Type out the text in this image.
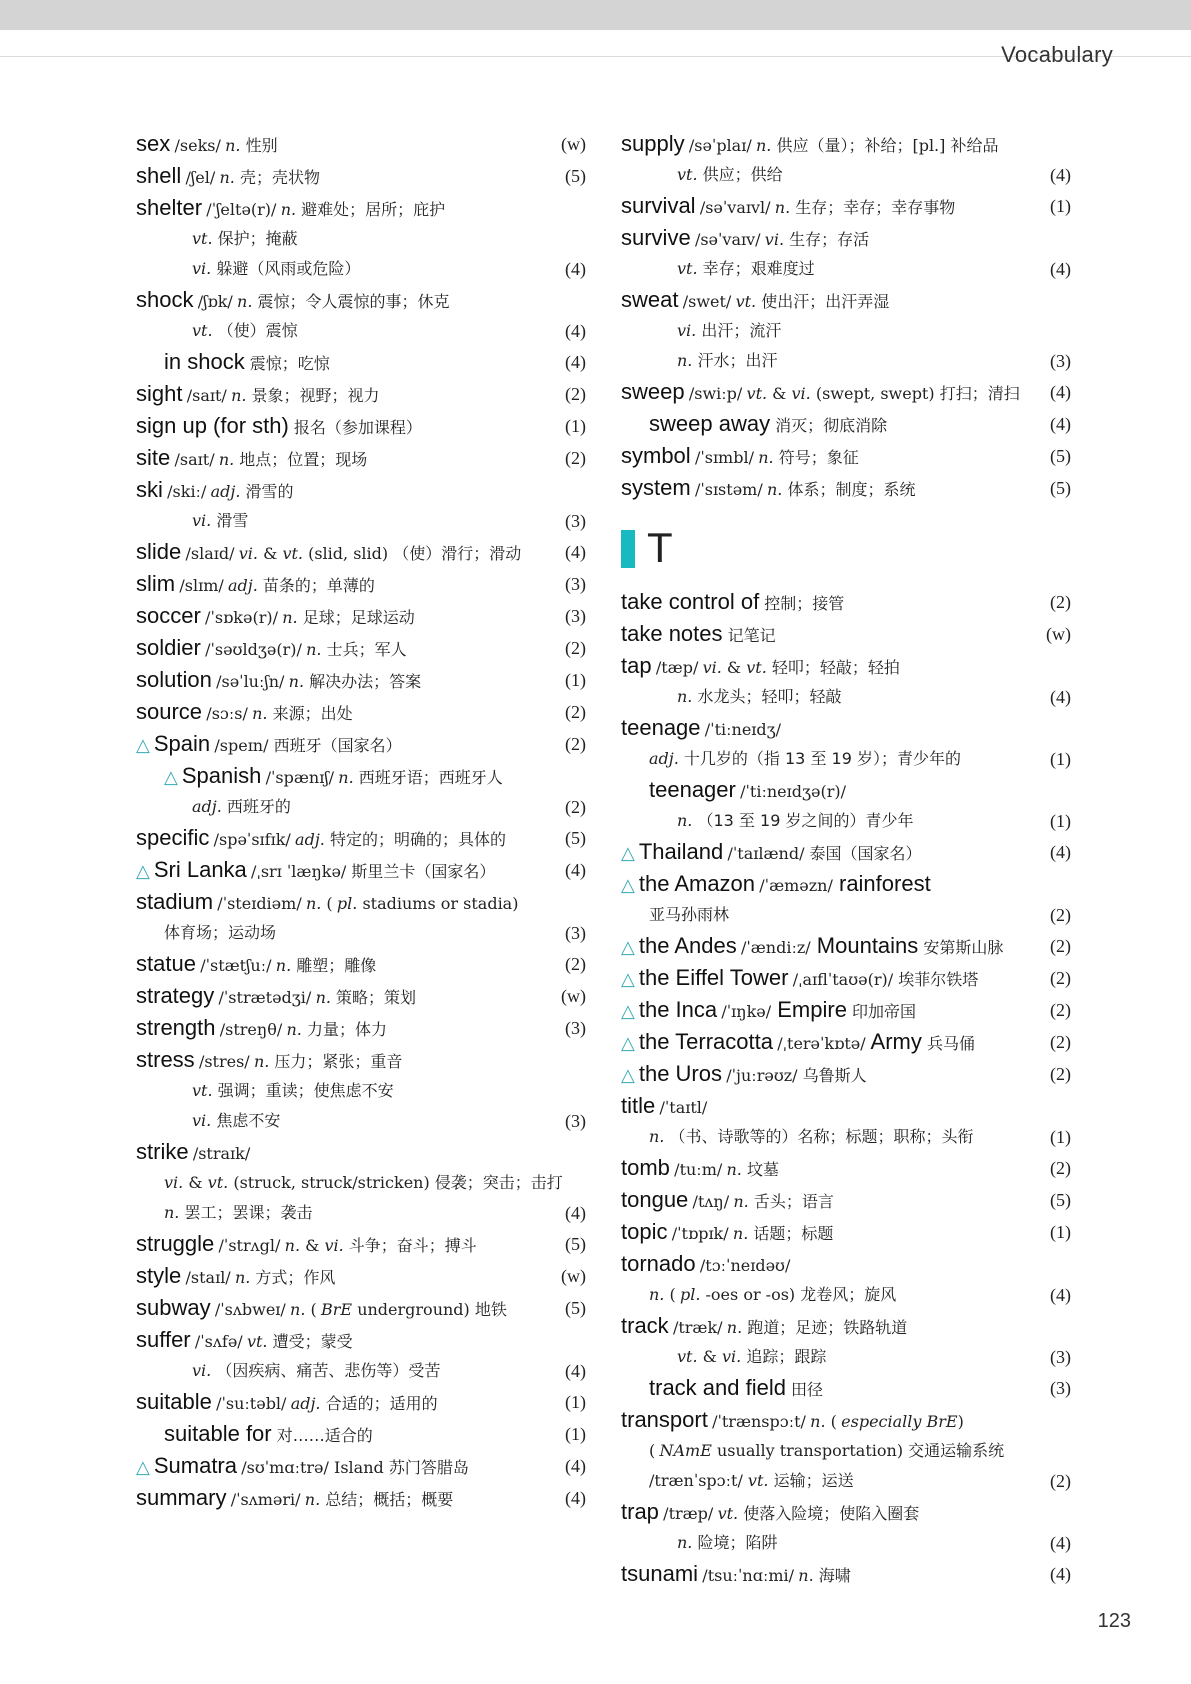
Vocabulary
sex /seks/ n. 性别	(w)
shell /ʃel/ n. 壳；壳状物	(5)
shelter /ˈʃeltə(r)/ n. 避难处；居所；庇护
vt. 保护；掩蔽
vi. 躲避（风雨或危险）	(4)
shock /ʃɒk/ n. 震惊；令人震惊的事；休克
vt. （使）震惊	(4)
in shock 震惊；吃惊	(4)
sight /saɪt/ n. 景象；视野；视力	(2)
sign up (for sth) 报名（参加课程）	(1)
site /saɪt/ n. 地点；位置；现场	(2)
ski /skiː/ adj. 滑雪的
vi. 滑雪	(3)
slide /slaɪd/ vi. & vt. (slid, slid) （使）滑行；滑动 (4)
slim /slɪm/ adj. 苗条的；单薄的	(3)
soccer /ˈsɒkə(r)/ n. 足球；足球运动	(3)
soldier /ˈsəʊldʒə(r)/ n. 士兵；军人	(2)
solution /səˈluːʃn/ n. 解决办法；答案	(1)
source /sɔːs/ n. 来源；出处	(2)
△ Spain /speɪn/ 西班牙（国家名）	(2)
△ Spanish /ˈspænɪʃ/ n. 西班牙语；西班牙人
adj. 西班牙的	(2)
specific /spəˈsɪfɪk/ adj. 特定的；明确的；具体的	(5)
△ Sri Lanka /ˌsrɪ ˈlæŋkə/ 斯里兰卡（国家名）	(4)
stadium /ˈsteɪdiəm/ n. ( pl. stadiums or stadia)
体育场；运动场	(3)
statue /ˈstætʃuː/ n. 雕塑；雕像	(2)
strategy /ˈstrætədʒi/ n. 策略；策划	(w)
strength /streŋθ/ n. 力量；体力	(3)
stress /stres/ n. 压力；紧张；重音
vt. 强调；重读；使焦虑不安
vi. 焦虑不安	(3)
strike /straɪk/
vi. & vt. (struck, struck/stricken) 侵袭；突击；击打
n. 罢工；罢课；袭击	(4)
struggle /ˈstrʌgl/ n. & vi. 斗争；奋斗；搏斗	(5)
style /staɪl/ n. 方式；作风	(w)
subway /ˈsʌbweɪ/ n. ( BrE underground) 地铁	(5)
suffer /ˈsʌfə/ vt. 遭受；蒙受
vi. （因疾病、痛苦、悲伤等）受苦	(4)
suitable /ˈsuːtəbl/ adj. 合适的；适用的	(1)
suitable for 对……适合的	(1)
△ Sumatra /sʊˈmɑːtrə/ Island 苏门答腊岛	(4)
summary /ˈsʌməri/ n. 总结；概括；概要	(4)
supply /səˈplaɪ/ n. 供应（量）；补给；[pl.] 补给品
vt. 供应；供给	(4)
survival /səˈvaɪvl/ n. 生存；幸存；幸存事物	(1)
survive /səˈvaɪv/ vi. 生存；存活
vt. 幸存；艰难度过	(4)
sweat /swet/ vt. 使出汗；出汗弄湿
vi. 出汗；流汗
n. 汗水；出汗	(3)
sweep /swiːp/ vt. & vi. (swept, swept) 打扫；清扫 (4)
sweep away 消灭；彻底消除	(4)
symbol /ˈsɪmbl/ n. 符号；象征	(5)
system /ˈsɪstəm/ n. 体系；制度；系统	(5)
T
take control of 控制；接管	(2)
take notes 记笔记	(w)
tap /tæp/ vi. & vt. 轻叩；轻敲；轻拍
n. 水龙头；轻叩；轻敲	(4)
teenage /ˈtiːneɪdʒ/
adj. 十几岁的（指 13 至 19 岁）；青少年的	(1)
teenager /ˈtiːneɪdʒə(r)/
n. （13 至 19 岁之间的）青少年	(1)
△ Thailand /ˈtaɪlænd/ 泰国（国家名）	(4)
△ the Amazon /ˈæməzn/ rainforest
亚马孙雨林	(2)
△ the Andes /ˈændiːz/ Mountains 安第斯山脉	(2)
△ the Eiffel Tower /ˌaɪflˈtaʊə(r)/ 埃菲尔铁塔	(2)
△ the Inca /ˈɪŋkə/ Empire 印加帝国	(2)
△ the Terracotta /ˌterəˈkɒtə/ Army 兵马俑	(2)
△ the Uros /ˈjuːrəʊz/ 乌鲁斯人	(2)
title /ˈtaɪtl/
n. （书、诗歌等的）名称；标题；职称；头衔	(1)
tomb /tuːm/ n. 坟墓	(2)
tongue /tʌŋ/ n. 舌头；语言	(5)
topic /ˈtɒpɪk/ n. 话题；标题	(1)
tornado /tɔːˈneɪdəʊ/
n. ( pl. -oes or -os) 龙卷风；旋风	(4)
track /træk/ n. 跑道；足迹；铁路轨道
vt. & vi. 追踪；跟踪	(3)
track and field 田径	(3)
transport /ˈtrænspɔːt/ n. ( especially BrE)
( NAmE usually transportation) 交通运输系统
/trænˈspɔːt/ vt. 运输；运送	(2)
trap /træp/ vt. 使落入险境；使陷入圈套
n. 险境；陷阱	(4)
tsunami /tsuːˈnɑːmi/ n. 海啸	(4)
123
